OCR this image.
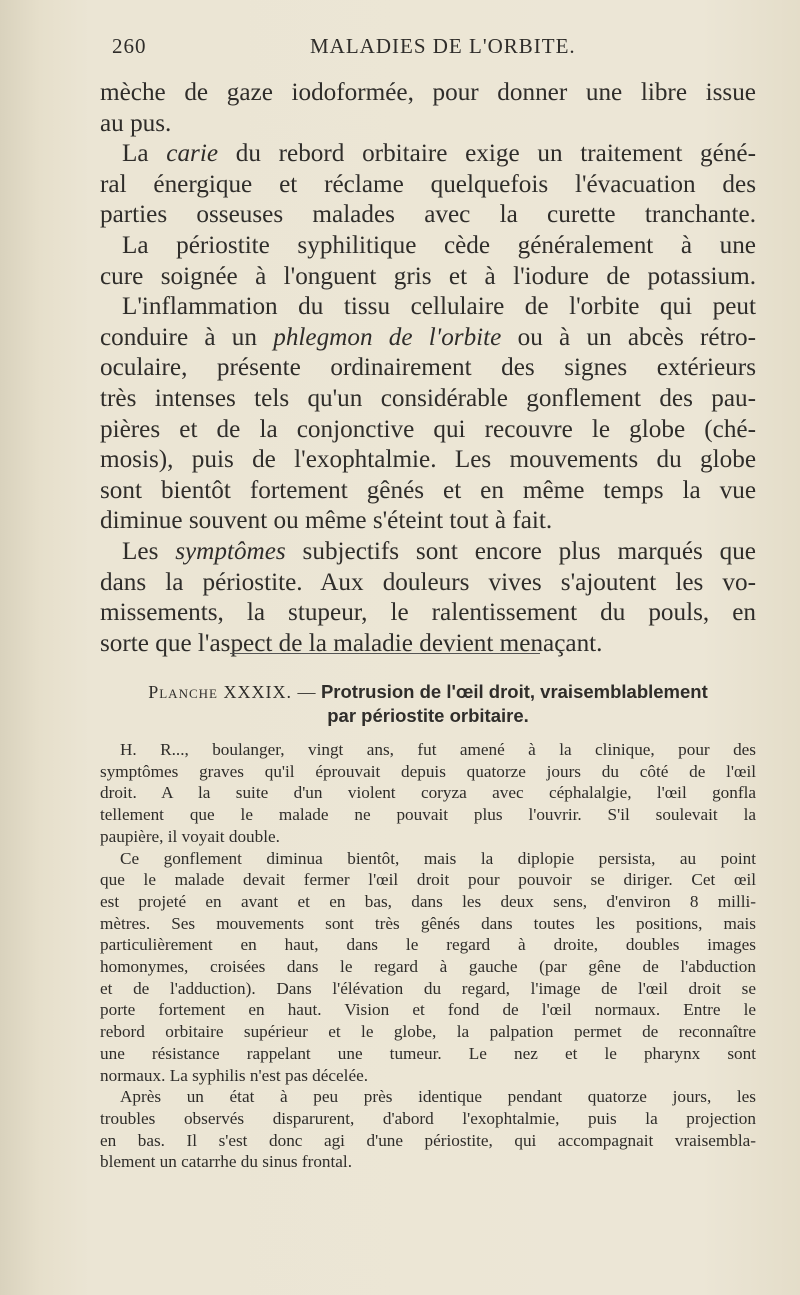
260	MALADIES DE L'ORBITE.

mèche de gaze iodoformée, pour donner une libre issue

au pus.

La carie du rebord orbitaire exige un traitement géné-

ral énergique et réclame quelquefois l'évacuation des

parties osseuses malades avec la curette tranchante.

La périostite syphilitique cède généralement à une

cure soignée à l'onguent gris et à l'iodure de potassium.

L'inflammation du tissu cellulaire de l'orbite qui peut

conduire à un phlegmon de l'orbite ou à un abcès rétro-

oculaire, présente ordinairement des signes extérieurs

très intenses tels qu'un considérable gonflement des pau-

pières et de la conjonctive qui recouvre le globe (ché-

mosis), puis de l'exophtalmie. Les mouvements du globe

sont bientôt fortement gênés et en même temps la vue

diminue souvent ou même s'éteint tout à fait.

Les symptômes subjectifs sont encore plus marqués que

dans la périostite. Aux douleurs vives s'ajoutent les vo-

missements, la stupeur, le ralentissement du pouls, en

sorte que l'aspect de la maladie devient menaçant.

Planche XXXIX. — Protrusion de l'œil droit, vraisemblablement
par périostite orbitaire.

H. R..., boulanger, vingt ans, fut amené à la clinique, pour des

symptômes graves qu'il éprouvait depuis quatorze jours du côté de l'œil

droit. A la suite d'un violent coryza avec céphalalgie, l'œil gonfla

tellement que le malade ne pouvait plus l'ouvrir. S'il soulevait la

paupière, il voyait double.

Ce gonflement diminua bientôt, mais la diplopie persista, au point

que le malade devait fermer l'œil droit pour pouvoir se diriger. Cet œil

est projeté en avant et en bas, dans les deux sens, d'environ 8 milli-

mètres. Ses mouvements sont très gênés dans toutes les positions, mais

particulièrement en haut, dans le regard à droite, doubles images

homonymes, croisées dans le regard à gauche (par gêne de l'abduction

et de l'adduction). Dans l'élévation du regard, l'image de l'œil droit se

porte fortement en haut. Vision et fond de l'œil normaux. Entre le

rebord orbitaire supérieur et le globe, la palpation permet de reconnaître

une résistance rappelant une tumeur. Le nez et le pharynx sont

normaux. La syphilis n'est pas décelée.

Après un état à peu près identique pendant quatorze jours, les

troubles observés disparurent, d'abord l'exophtalmie, puis la projection

en bas. Il s'est donc agi d'une périostite, qui accompagnait vraisembla-

blement un catarrhe du sinus frontal.
